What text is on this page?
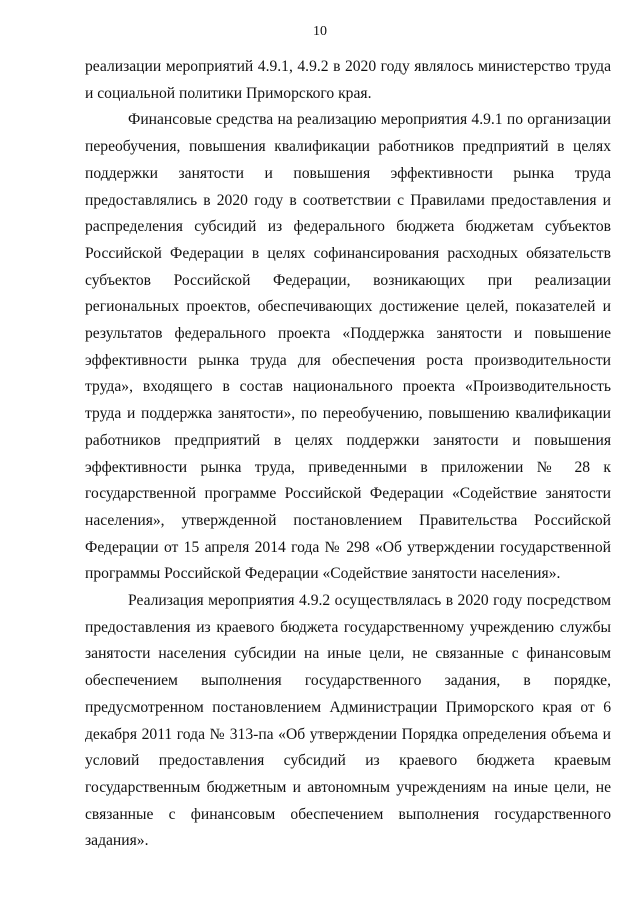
10

реализации мероприятий 4.9.1, 4.9.2 в 2020 году являлось министерство труда и социальной политики Приморского края.

Финансовые средства на реализацию мероприятия 4.9.1 по организации переобучения, повышения квалификации работников предприятий в целях поддержки занятости и повышения эффективности рынка труда предоставлялись в 2020 году в соответствии с Правилами предоставления и распределения субсидий из федерального бюджета бюджетам субъектов Российской Федерации в целях софинансирования расходных обязательств субъектов Российской Федерации, возникающих при реализации региональных проектов, обеспечивающих достижение целей, показателей и результатов федерального проекта «Поддержка занятости и повышение эффективности рынка труда для обеспечения роста производительности труда», входящего в состав национального проекта «Производительность труда и поддержка занятости», по переобучению, повышению квалификации работников предприятий в целях поддержки занятости и повышения эффективности рынка труда, приведенными в приложении № 28 к государственной программе Российской Федерации «Содействие занятости населения», утвержденной постановлением Правительства Российской Федерации от 15 апреля 2014 года № 298 «Об утверждении государственной программы Российской Федерации «Содействие занятости населения».

Реализация мероприятия 4.9.2 осуществлялась в 2020 году посредством предоставления из краевого бюджета государственному учреждению службы занятости населения субсидии на иные цели, не связанные с финансовым обеспечением выполнения государственного задания, в порядке, предусмотренном постановлением Администрации Приморского края от 6 декабря 2011 года № 313-па «Об утверждении Порядка определения объема и условий предоставления субсидий из краевого бюджета краевым государственным бюджетным и автономным учреждениям на иные цели, не связанные с финансовым обеспечением выполнения государственного задания».
